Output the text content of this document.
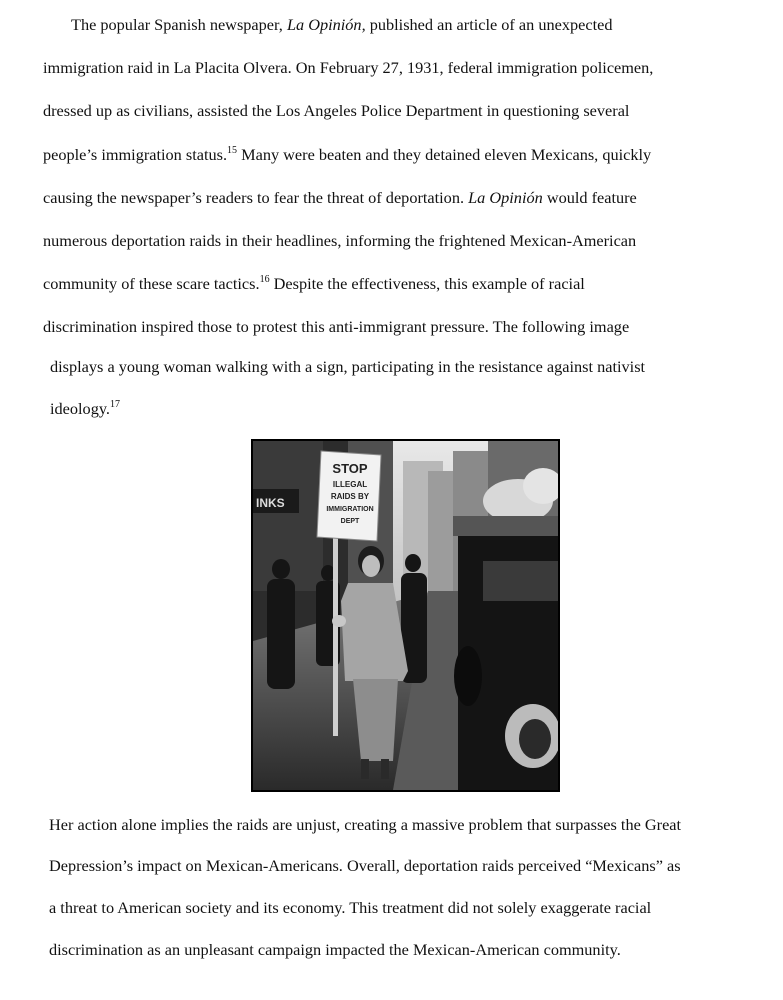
The popular Spanish newspaper, La Opinión, published an article of an unexpected
immigration raid in La Placita Olvera. On February 27, 1931, federal immigration policemen,
dressed up as civilians, assisted the Los Angeles Police Department in questioning several
people’s immigration status.$^{15}$ Many were beaten and they detained eleven Mexicans, quickly
causing the newspaper’s readers to fear the threat of deportation. La Opinión would feature
numerous deportation raids in their headlines, informing the frightened Mexican-American
community of these scare tactics.$^{16}$ Despite the effectiveness, this example of racial
discrimination inspired those to protest this anti-immigrant pressure. The following image
displays a young woman walking with a sign, participating in the resistance against nativist
ideology.$^{17}$
INKS
STOP
ILLEGAL
RAIDS BY
IMMIGRATION
DEPT
Her action alone implies the raids are unjust, creating a massive problem that surpasses the Great
Depression’s impact on Mexican-Americans. Overall, deportation raids perceived “Mexicans” as
a threat to American society and its economy. This treatment did not solely exaggerate racial
discrimination as an unpleasant campaign impacted the Mexican-American community.
